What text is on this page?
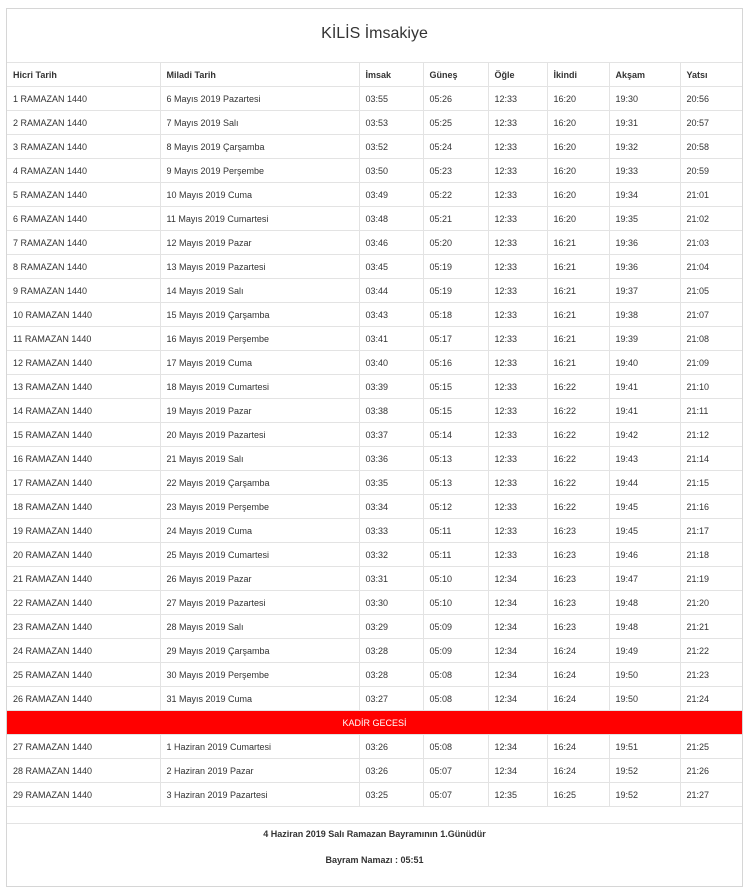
KİLİS İmsakiye
Hicri Tarih	Miladi Tarih	İmsak	Güneş	Öğle	İkindi	Akşam	Yatsı
1 RAMAZAN 1440	6 Mayıs 2019 Pazartesi	03:55	05:26	12:33	16:20	19:30	20:56
2 RAMAZAN 1440	7 Mayıs 2019 Salı	03:53	05:25	12:33	16:20	19:31	20:57
3 RAMAZAN 1440	8 Mayıs 2019 Çarşamba	03:52	05:24	12:33	16:20	19:32	20:58
4 RAMAZAN 1440	9 Mayıs 2019 Perşembe	03:50	05:23	12:33	16:20	19:33	20:59
5 RAMAZAN 1440	10 Mayıs 2019 Cuma	03:49	05:22	12:33	16:20	19:34	21:01
6 RAMAZAN 1440	11 Mayıs 2019 Cumartesi	03:48	05:21	12:33	16:20	19:35	21:02
7 RAMAZAN 1440	12 Mayıs 2019 Pazar	03:46	05:20	12:33	16:21	19:36	21:03
8 RAMAZAN 1440	13 Mayıs 2019 Pazartesi	03:45	05:19	12:33	16:21	19:36	21:04
9 RAMAZAN 1440	14 Mayıs 2019 Salı	03:44	05:19	12:33	16:21	19:37	21:05
10 RAMAZAN 1440	15 Mayıs 2019 Çarşamba	03:43	05:18	12:33	16:21	19:38	21:07
11 RAMAZAN 1440	16 Mayıs 2019 Perşembe	03:41	05:17	12:33	16:21	19:39	21:08
12 RAMAZAN 1440	17 Mayıs 2019 Cuma	03:40	05:16	12:33	16:21	19:40	21:09
13 RAMAZAN 1440	18 Mayıs 2019 Cumartesi	03:39	05:15	12:33	16:22	19:41	21:10
14 RAMAZAN 1440	19 Mayıs 2019 Pazar	03:38	05:15	12:33	16:22	19:41	21:11
15 RAMAZAN 1440	20 Mayıs 2019 Pazartesi	03:37	05:14	12:33	16:22	19:42	21:12
16 RAMAZAN 1440	21 Mayıs 2019 Salı	03:36	05:13	12:33	16:22	19:43	21:14
17 RAMAZAN 1440	22 Mayıs 2019 Çarşamba	03:35	05:13	12:33	16:22	19:44	21:15
18 RAMAZAN 1440	23 Mayıs 2019 Perşembe	03:34	05:12	12:33	16:22	19:45	21:16
19 RAMAZAN 1440	24 Mayıs 2019 Cuma	03:33	05:11	12:33	16:23	19:45	21:17
20 RAMAZAN 1440	25 Mayıs 2019 Cumartesi	03:32	05:11	12:33	16:23	19:46	21:18
21 RAMAZAN 1440	26 Mayıs 2019 Pazar	03:31	05:10	12:34	16:23	19:47	21:19
22 RAMAZAN 1440	27 Mayıs 2019 Pazartesi	03:30	05:10	12:34	16:23	19:48	21:20
23 RAMAZAN 1440	28 Mayıs 2019 Salı	03:29	05:09	12:34	16:23	19:48	21:21
24 RAMAZAN 1440	29 Mayıs 2019 Çarşamba	03:28	05:09	12:34	16:24	19:49	21:22
25 RAMAZAN 1440	30 Mayıs 2019 Perşembe	03:28	05:08	12:34	16:24	19:50	21:23
26 RAMAZAN 1440	31 Mayıs 2019 Cuma	03:27	05:08	12:34	16:24	19:50	21:24
KADİR GECESİ							
27 RAMAZAN 1440	1 Haziran 2019 Cumartesi	03:26	05:08	12:34	16:24	19:51	21:25
28 RAMAZAN 1440	2 Haziran 2019 Pazar	03:26	05:07	12:34	16:24	19:52	21:26
29 RAMAZAN 1440	3 Haziran 2019 Pazartesi	03:25	05:07	12:35	16:25	19:52	21:27

4 Haziran 2019 Salı Ramazan Bayramının 1.Günüdür
Bayram Namazı : 05:51
